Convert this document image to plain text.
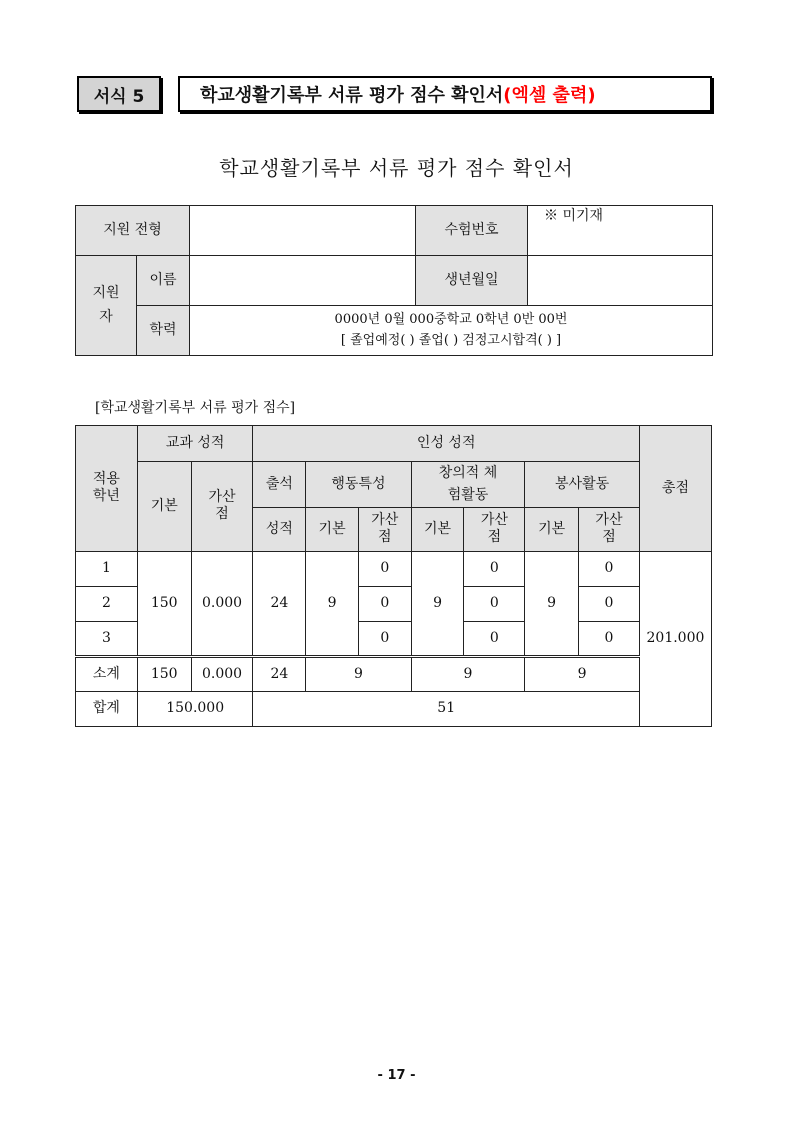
서식 5	학교생활기록부 서류 평가 점수 확인서 (엑셀 출력)
학교생활기록부 서류 평가 점수 확인서
지원 전형			수험번호	※ 미기재
지원자	이름		생년월일	
	학력	0000년 0월 000중학교 0학년 0반 00번
[ 졸업예정( ) 졸업( ) 검정고시합격( ) ]		
[학교생활기록부 서류 평가 점수]
적용학년	교과 성적		인성 성적							총점
	기본	가산점	출석	행동특성		창의적 체험활동		봉사활동		
			성적	기본	가산점	기본	가산점	기본	가산점	
1	150	0.000	24	9	0	9	0	9	0	201.000
2					0		0		0	
3					0		0		0	
소계	150	0.000	24	9		9		9		
합계	150.000		51							
- 17 -
